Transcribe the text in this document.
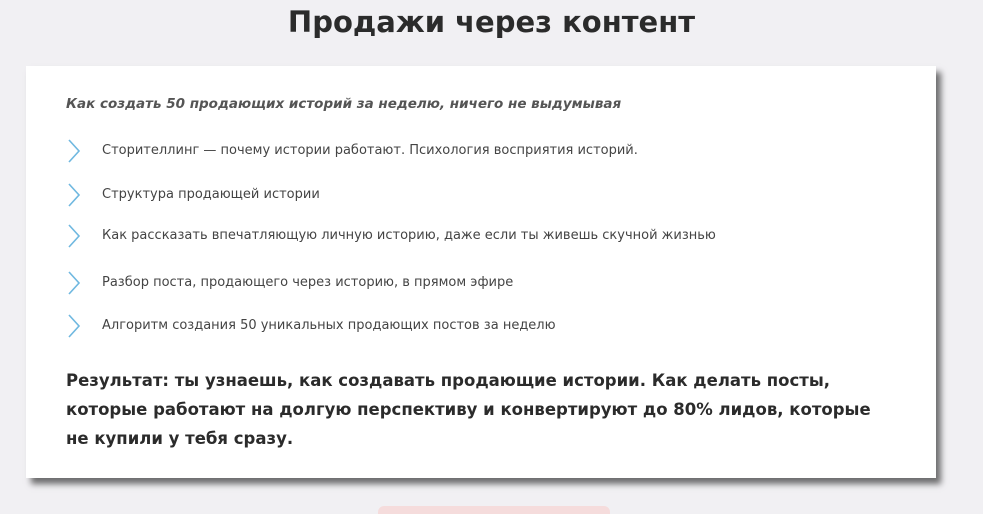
Продажи через контент
Как создать 50 продающих историй за неделю, ничего не выдумывая
Сторителлинг — почему истории работают. Психология восприятия историй.
Структура продающей истории
Как рассказать впечатляющую личную историю, даже если ты живешь скучной жизнью
Разбор поста, продающего через историю, в прямом эфире
Алгоритм создания 50 уникальных продающих постов за неделю

Результат: ты узнаешь, как создавать продающие истории. Как делать посты, которые работают на долгую перспективу и конвертируют до 80% лидов, которые не купили у тебя сразу.
